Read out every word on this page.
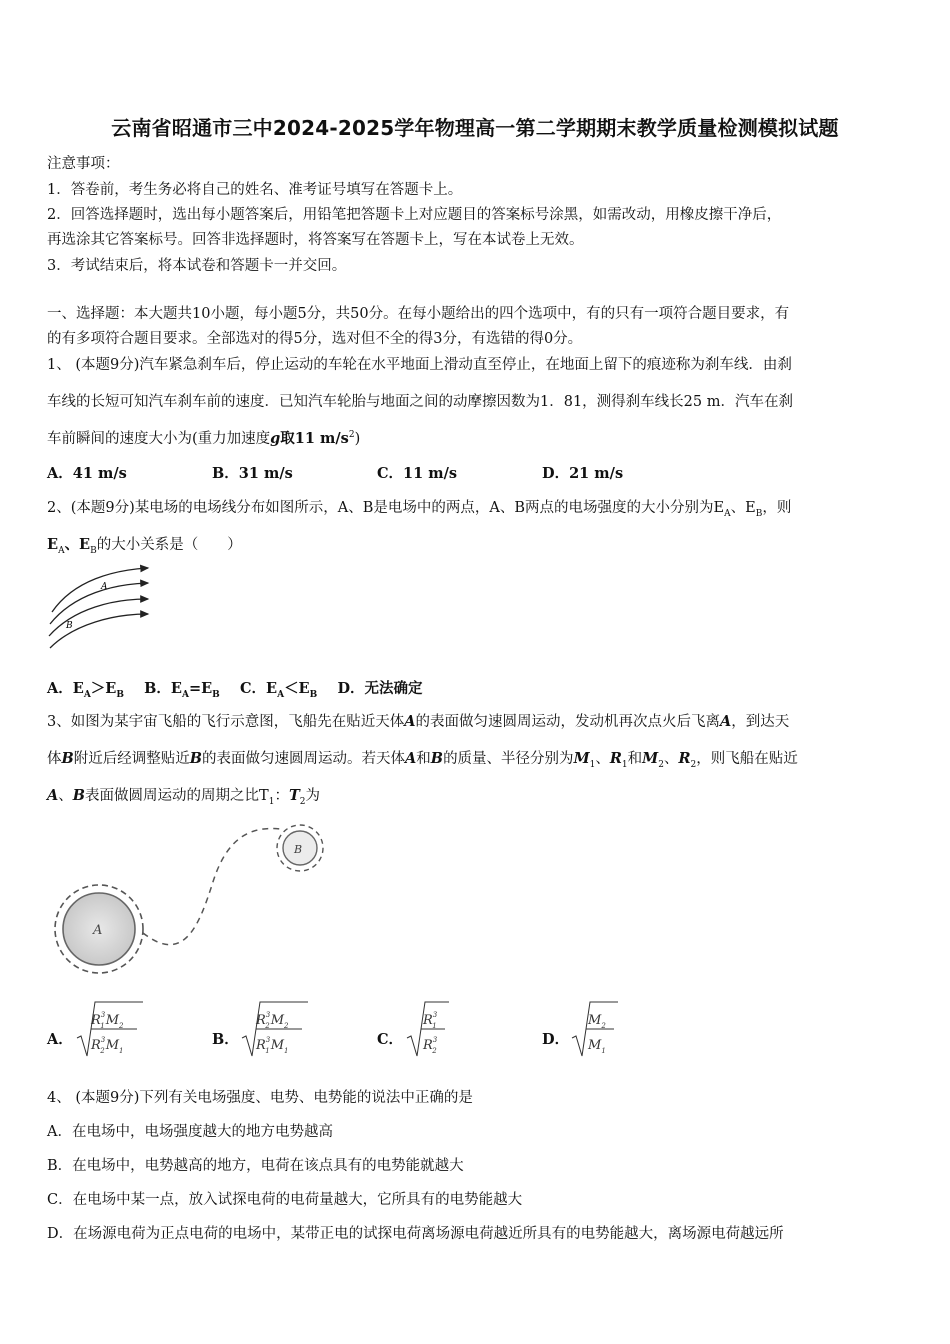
云南省昭通市三中2024-2025学年物理高一第二学期期末教学质量检测模拟试题
注意事项：
1．答卷前，考生务必将自己的姓名、准考证号填写在答题卡上。
2．回答选择题时，选出每小题答案后，用铅笔把答题卡上对应题目的答案标号涂黑，如需改动，用橡皮擦干净后，
再选涂其它答案标号。回答非选择题时，将答案写在答题卡上，写在本试卷上无效。
3．考试结束后，将本试卷和答题卡一并交回。
一、选择题：本大题共10小题，每小题5分，共50分。在每小题给出的四个选项中，有的只有一项符合题目要求，有
的有多项符合题目要求。全部选对的得5分，选对但不全的得3分，有选错的得0分。
1、 (本题9分)汽车紧急刹车后，停止运动的车轮在水平地面上滑动直至停止，在地面上留下的痕迹称为刹车线．由刹
车线的长短可知汽车刹车前的速度．已知汽车轮胎与地面之间的动摩擦因数为1．81，测得刹车线长25 m．汽车在刹
车前瞬间的速度大小为(重力加速度g取11 $m/s^2$)
A．41 m/s	B．31 m/s	C．11 m/s	D．21 m/s
2、(本题9分)某电场的电场线分布如图所示，A、B是电场中的两点，A、B两点的电场强度的大小分别为$E_A$、$E_B$，则
$E_A$、$E_B$的大小关系是（　　）
A
B
A．$E_A>E_B$ B．$E_A=E_B$ C．$E_A<E_B$ D．无法确定
3、如图为某宇宙飞船的飞行示意图，飞船先在贴近天体A的表面做匀速圆周运动，发动机再次点火后飞离A，到达天
体B附近后经调整贴近B的表面做匀速圆周运动。若天体A和B的质量、半径分别为$M_1$、$R_1$和$M_2$、$R_2$，则飞船在贴近
A、B表面做圆周运动的周期之比$T_1$：$T_2$为
A
B
A．
$R^3$ $1M_2$
$R^3$ $2M_1$
B．
$R^3$ $2M_2$
$R^3$ $1M_1$
C．
$R^3$ 1
$R^3$ 2
D．
$M_2$
$M_1$
4、 (本题9分)下列有关电场强度、电势、电势能的说法中正确的是
A．在电场中，电场强度越大的地方电势越高
B．在电场中，电势越高的地方，电荷在该点具有的电势能就越大
C．在电场中某一点，放入试探电荷的电荷量越大，它所具有的电势能越大
D．在场源电荷为正点电荷的电场中，某带正电的试探电荷离场源电荷越近所具有的电势能越大，离场源电荷越远所
